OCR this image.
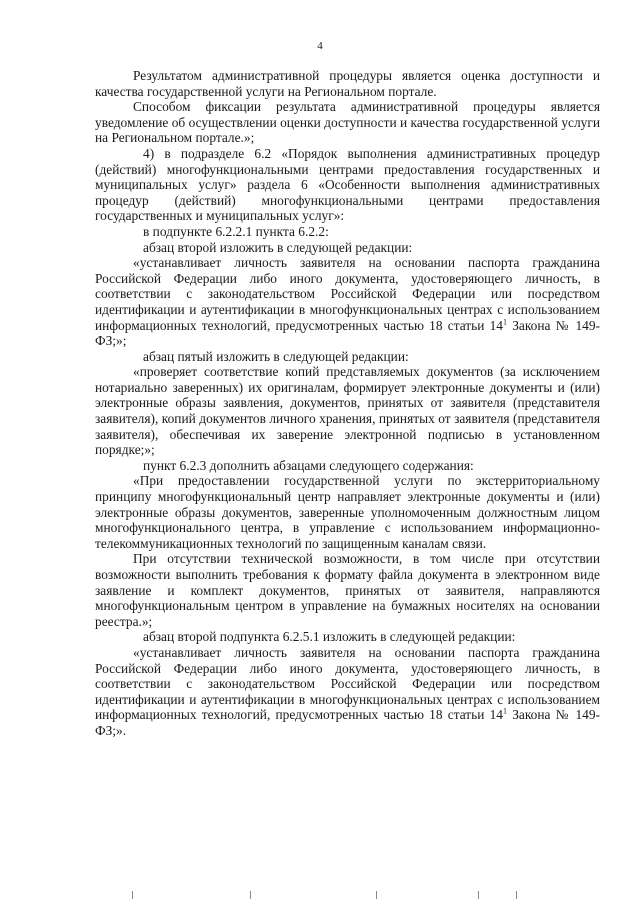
4

Результатом административной процедуры является оценка доступности и качества государственной услуги на Региональном портале.

Способом фиксации результата административной процедуры является уведомление об осуществлении оценки доступности и качества государственной услуги на Региональном портале.»;

4) в подразделе 6.2 «Порядок выполнения административных процедур (действий) многофункциональными центрами предоставления государственных и муниципальных услуг» раздела 6 «Особенности выполнения административных процедур (действий) многофункциональными центрами предоставления государственных и муниципальных услуг»:

в подпункте 6.2.2.1 пункта 6.2.2:

абзац второй изложить в следующей редакции:

«устанавливает личность заявителя на основании паспорта гражданина Российской Федерации либо иного документа, удостоверяющего личность, в соответствии с законодательством Российской Федерации или посредством идентификации и аутентификации в многофункциональных центрах с использованием информационных технологий, предусмотренных частью 18 статьи $14^1$ Закона № 149-ФЗ;»;

абзац пятый изложить в следующей редакции:

«проверяет соответствие копий представляемых документов (за исключением нотариально заверенных) их оригиналам, формирует электронные документы и (или) электронные образы заявления, документов, принятых от заявителя (представителя заявителя), копий документов личного хранения, принятых от заявителя (представителя заявителя), обеспечивая их заверение электронной подписью в установленном порядке;»;

пункт 6.2.3 дополнить абзацами следующего содержания:

«При предоставлении государственной услуги по экстерриториальному принципу многофункциональный центр направляет электронные документы и (или) электронные образы документов, заверенные уполномоченным должностным лицом многофункционального центра, в управление с использованием информационно-телекоммуникационных технологий по защищенным каналам связи.

При отсутствии технической возможности, в том числе при отсутствии возможности выполнить требования к формату файла документа в электронном виде заявление и комплект документов, принятых от заявителя, направляются многофункциональным центром в управление на бумажных носителях на основании реестра.»;

абзац второй подпункта 6.2.5.1 изложить в следующей редакции:

«устанавливает личность заявителя на основании паспорта гражданина Российской Федерации либо иного документа, удостоверяющего личность, в соответствии с законодательством Российской Федерации или посредством идентификации и аутентификации в многофункциональных центрах с использованием информационных технологий, предусмотренных частью 18 статьи $14^1$ Закона № 149-ФЗ;».
